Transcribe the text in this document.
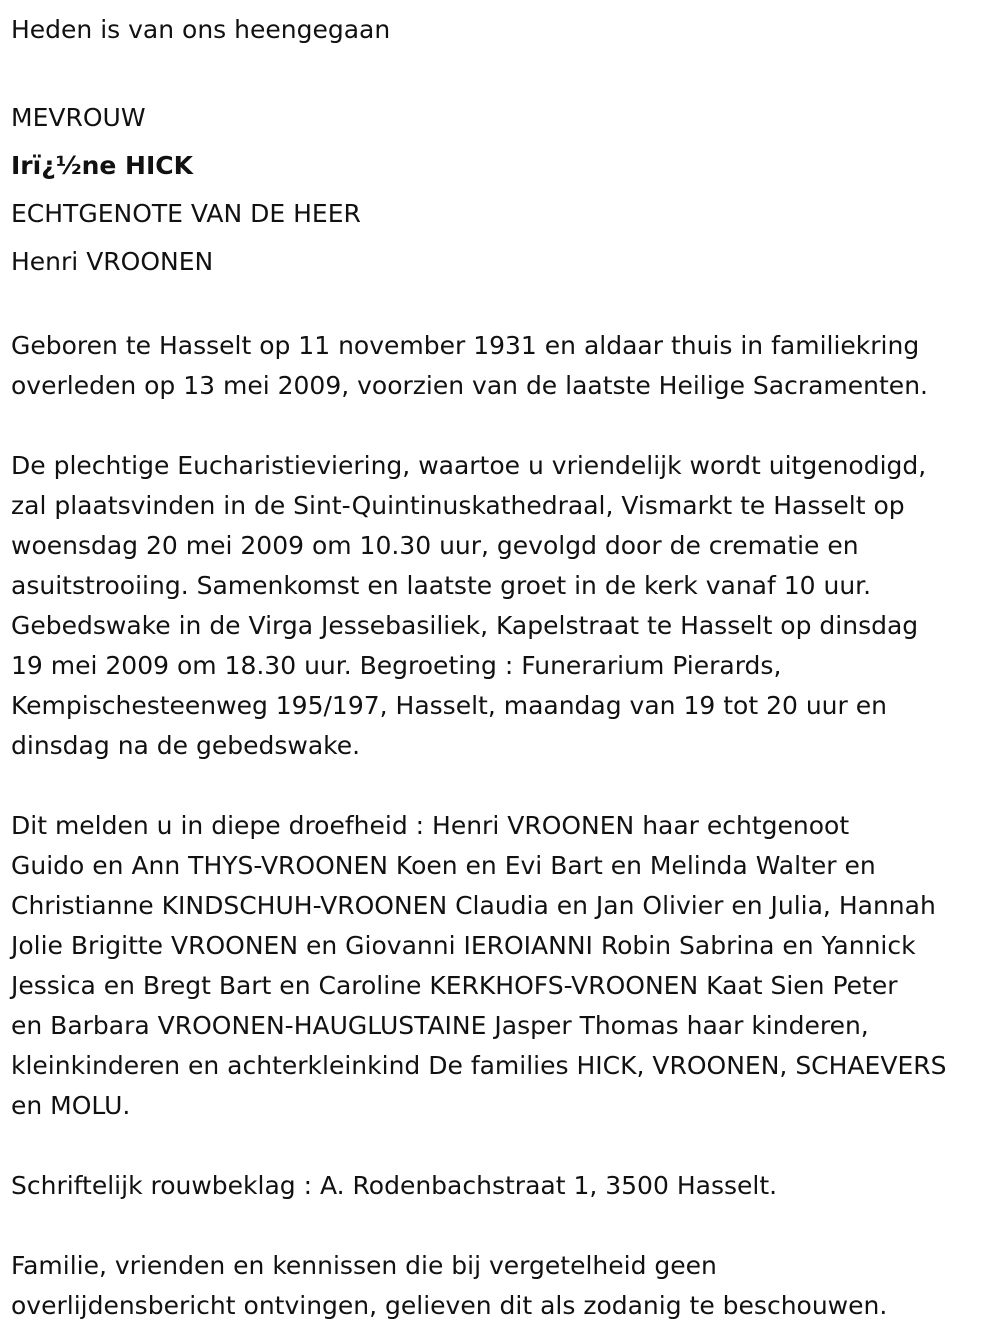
Heden is van ons heengegaan
MEVROUW
Irï¿½ne HICK
ECHTGENOTE VAN DE HEER
Henri VROONEN
Geboren te Hasselt op 11 november 1931 en aldaar thuis in familiekring
overleden op 13 mei 2009, voorzien van de laatste Heilige Sacramenten.
De plechtige Eucharistieviering, waartoe u vriendelijk wordt uitgenodigd,
zal plaatsvinden in de Sint-Quintinuskathedraal, Vismarkt te Hasselt op
woensdag 20 mei 2009 om 10.30 uur, gevolgd door de crematie en
asuitstrooiing. Samenkomst en laatste groet in de kerk vanaf 10 uur.
Gebedswake in de Virga Jessebasiliek, Kapelstraat te Hasselt op dinsdag
19 mei 2009 om 18.30 uur. Begroeting : Funerarium Pierards,
Kempischesteenweg 195/197, Hasselt, maandag van 19 tot 20 uur en
dinsdag na de gebedswake.
Dit melden u in diepe droefheid : Henri VROONEN haar echtgenoot
Guido en Ann THYS-VROONEN Koen en Evi Bart en Melinda Walter en
Christianne KINDSCHUH-VROONEN Claudia en Jan Olivier en Julia, Hannah
Jolie Brigitte VROONEN en Giovanni IEROIANNI Robin Sabrina en Yannick
Jessica en Bregt Bart en Caroline KERKHOFS-VROONEN Kaat Sien Peter
en Barbara VROONEN-HAUGLUSTAINE Jasper Thomas haar kinderen,
kleinkinderen en achterkleinkind De families HICK, VROONEN, SCHAEVERS
en MOLU.
Schriftelijk rouwbeklag : A. Rodenbachstraat 1, 3500 Hasselt.
Familie, vrienden en kennissen die bij vergetelheid geen
overlijdensbericht ontvingen, gelieven dit als zodanig te beschouwen.
